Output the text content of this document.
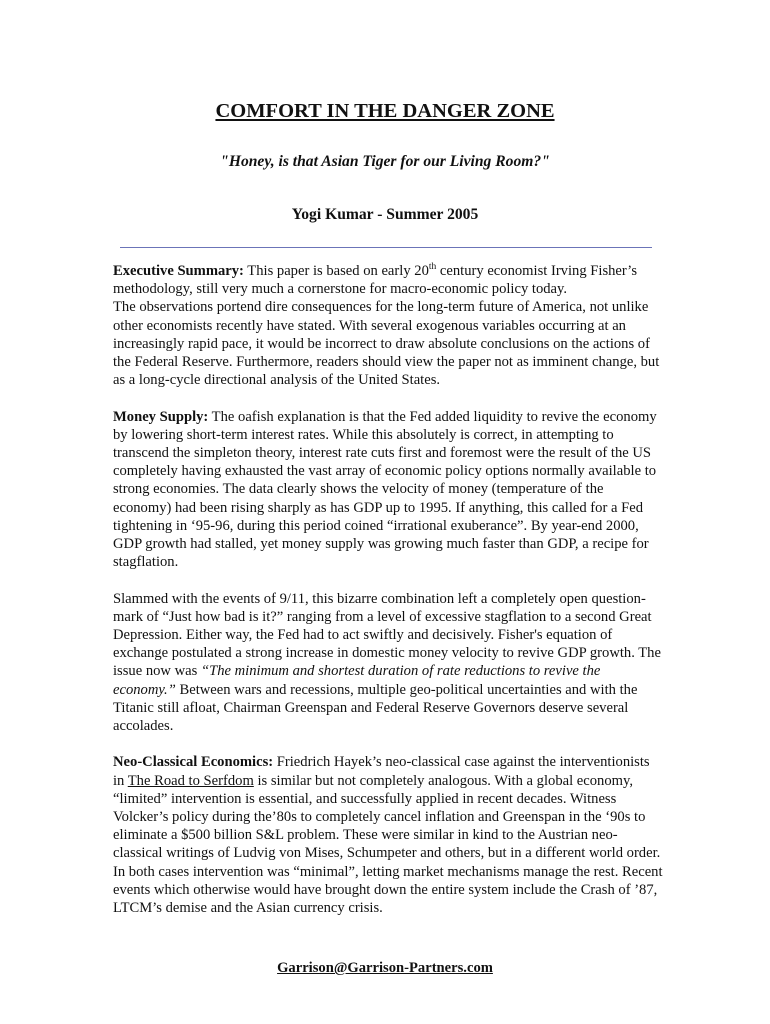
COMFORT IN THE DANGER ZONE
"Honey, is that Asian Tiger for our Living Room?"
Yogi Kumar - Summer 2005

Executive Summary: This paper is based on early 20th century economist Irving Fisher’s methodology, still very much a cornerstone for macro-economic policy today.
The observations portend dire consequences for the long-term future of America, not unlike other economists recently have stated. With several exogenous variables occurring at an increasingly rapid pace, it would be incorrect to draw absolute conclusions on the actions of the Federal Reserve. Furthermore, readers should view the paper not as imminent change, but as a long-cycle directional analysis of the United States.

Money Supply: The oafish explanation is that the Fed added liquidity to revive the economy by lowering short-term interest rates. While this absolutely is correct, in attempting to transcend the simpleton theory, interest rate cuts first and foremost were the result of the US completely having exhausted the vast array of economic policy options normally available to strong economies. The data clearly shows the velocity of money (temperature of the economy) had been rising sharply as has GDP up to 1995. If anything, this called for a Fed tightening in ‘95-96, during this period coined “irrational exuberance”. By year-end 2000, GDP growth had stalled, yet money supply was growing much faster than GDP, a recipe for stagflation.

Slammed with the events of 9/11, this bizarre combination left a completely open question- mark of “Just how bad is it?” ranging from a level of excessive stagflation to a second Great Depression. Either way, the Fed had to act swiftly and decisively. Fisher's equation of exchange postulated a strong increase in domestic money velocity to revive GDP growth. The issue now was “The minimum and shortest duration of rate reductions to revive the economy.” Between wars and recessions, multiple geo-political uncertainties and with the Titanic still afloat, Chairman Greenspan and Federal Reserve Governors deserve several accolades.

Neo-Classical Economics: Friedrich Hayek’s neo-classical case against the interventionists in The Road to Serfdom is similar but not completely analogous. With a global economy, “limited” intervention is essential, and successfully applied in recent decades. Witness Volcker’s policy during the’80s to completely cancel inflation and Greenspan in the ‘90s to eliminate a $500 billion S&L problem. These were similar in kind to the Austrian neo-classical writings of Ludvig von Mises, Schumpeter and others, but in a different world order. In both cases intervention was “minimal”, letting market mechanisms manage the rest. Recent events which otherwise would have brought down the entire system include the Crash of ’87, LTCM’s demise and the Asian currency crisis.

Garrison@Garrison-Partners.com
